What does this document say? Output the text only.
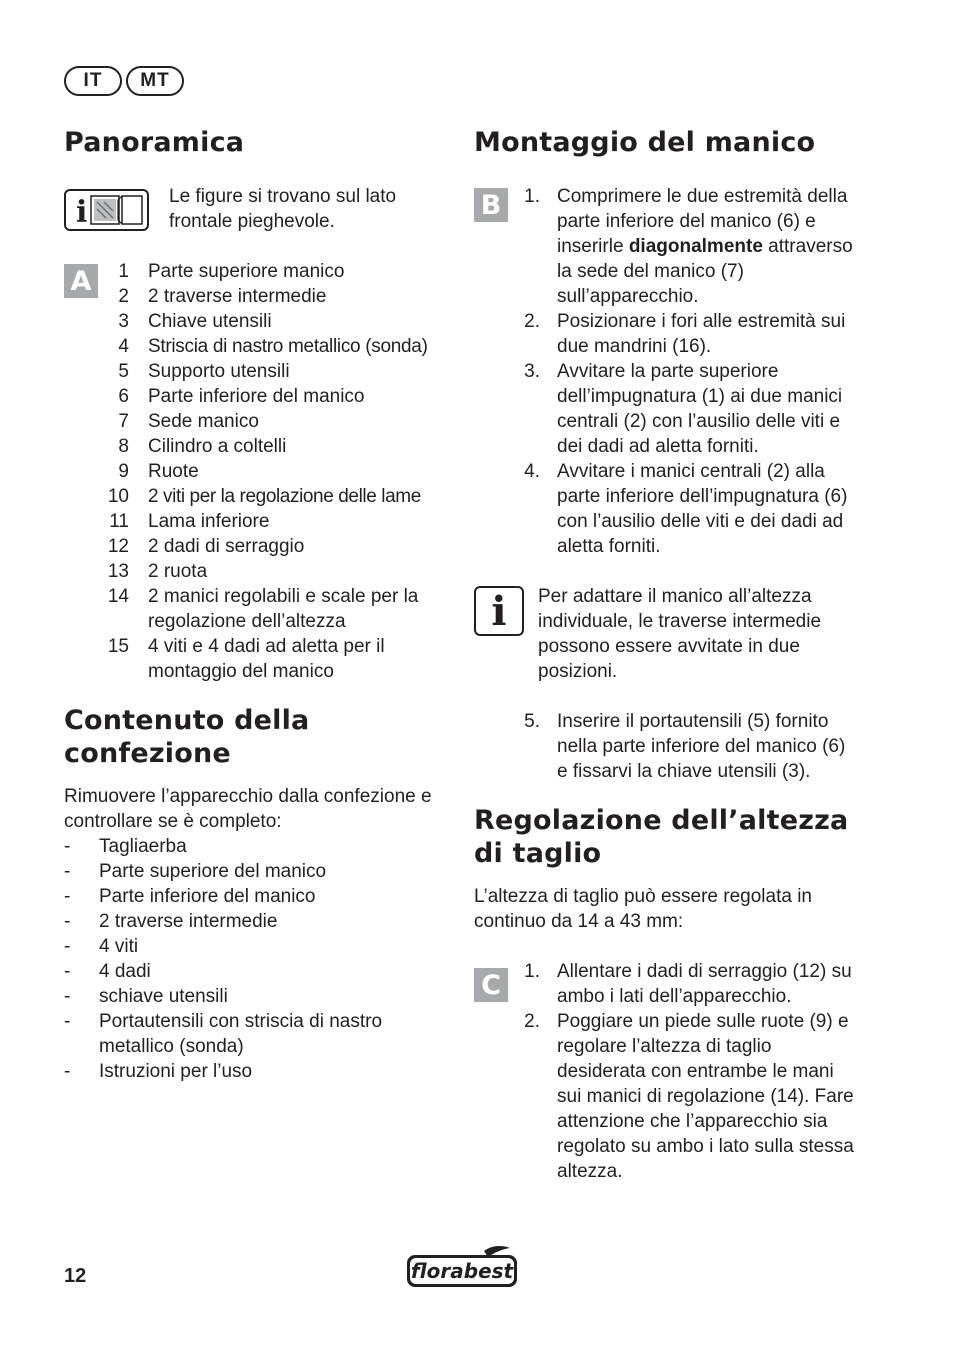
IT	MT
Panoramica
i	Le figure si trovano sul lato frontale pieghevole.

A	1	Parte superiore manico
2	2 traverse intermedie
3	Chiave utensili
4	Striscia di nastro metallico (sonda)
5	Supporto utensili
6	Parte inferiore del manico
7	Sede manico
8	Cilindro a coltelli
9	Ruote
10	2 viti per la regolazione delle lame
11	Lama inferiore
12	2 dadi di serraggio
13	2 ruota
14	2 manici regolabili e scale per la regolazione dell’altezza
15	4 viti e 4 dadi ad aletta per il montaggio del manico
Contenuto della
confezione

Rimuovere l’apparecchio dalla confezione e controllare se è completo:

-	Tagliaerba
-	Parte superiore del manico
-	Parte inferiore del manico
-	2 traverse intermedie
-	4 viti
-	4 dadi
-	schiave utensili
-	Portautensili con striscia di nastro metallico (sonda)
-	Istruzioni per l’uso
Montaggio del manico
B	1. Comprimere le due estremità della parte inferiore del manico (6) e inserirle diagonalmente attraverso la sede del manico (7) sull’apparecchio.
2. Posizionare i fori alle estremità sui due mandrini (16).
3. Avvitare la parte superiore dell’impugnatura (1) ai due manici centrali (2) con l’ausilio delle viti e dei dadi ad aletta forniti.
4. Avvitare i manici centrali (2) alla parte inferiore dell’impugnatura (6) con l’ausilio delle viti e dei dadi ad aletta forniti.
i	Per adattare il manico all’altezza individuale, le traverse intermedie possono essere avvitate in due posizioni.

5. Inserire il portautensili (5) fornito nella parte inferiore del manico (6) e fissarvi la chiave utensili (3).
Regolazione dell’altezza
di taglio

L’altezza di taglio può essere regolata in continuo da 14 a 43 mm:

C	1. Allentare i dadi di serraggio (12) su ambo i lati dell’apparecchio.
2. Poggiare un piede sulle ruote (9) e regolare l’altezza di taglio desiderata con entrambe le mani sui manici di regolazione (14). Fare attenzione che l’apparecchio sia regolato su ambo i lato sulla stessa altezza.
12	florabest
